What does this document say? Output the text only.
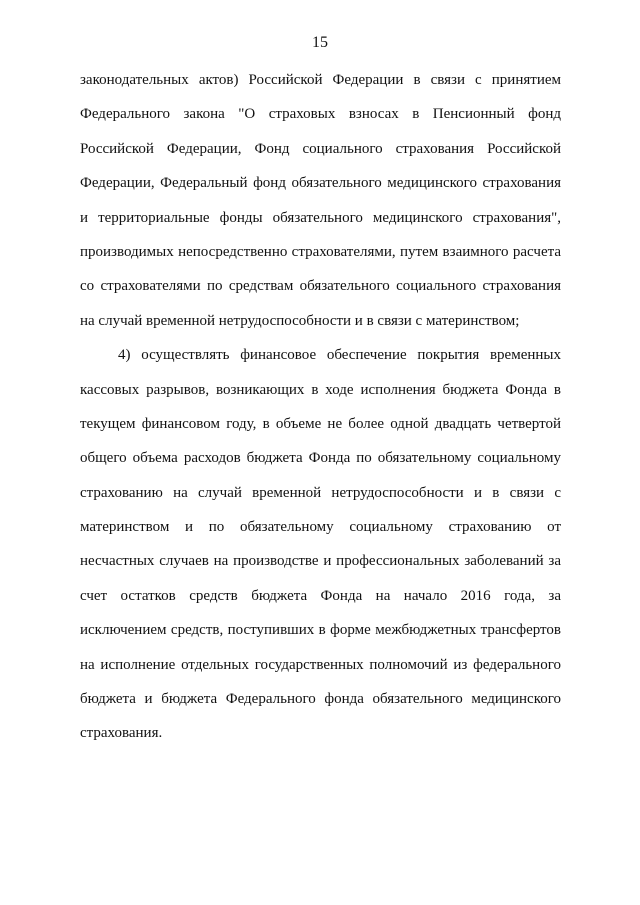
15
законодательных актов) Российской Федерации в связи с принятием
Федерального закона "О страховых взносах в Пенсионный фонд
Российской Федерации, Фонд социального страхования Российской
Федерации, Федеральный фонд обязательного медицинского страхования
и территориальные фонды обязательного медицинского страхования",
производимых непосредственно страхователями, путем взаимного расчета
со страхователями по средствам обязательного социального страхования
на случай временной нетрудоспособности и в связи с материнством;
4) осуществлять финансовое обеспечение покрытия временных
кассовых разрывов, возникающих в ходе исполнения бюджета Фонда в
текущем финансовом году, в объеме не более одной двадцать четвертой
общего объема расходов бюджета Фонда по обязательному социальному
страхованию на случай временной нетрудоспособности и в связи с
материнством и по обязательному социальному страхованию от
несчастных случаев на производстве и профессиональных заболеваний за
счет остатков средств бюджета Фонда на начало 2016 года, за
исключением средств, поступивших в форме межбюджетных трансфертов
на исполнение отдельных государственных полномочий из федерального
бюджета и бюджета Федерального фонда обязательного медицинского
страхования.
